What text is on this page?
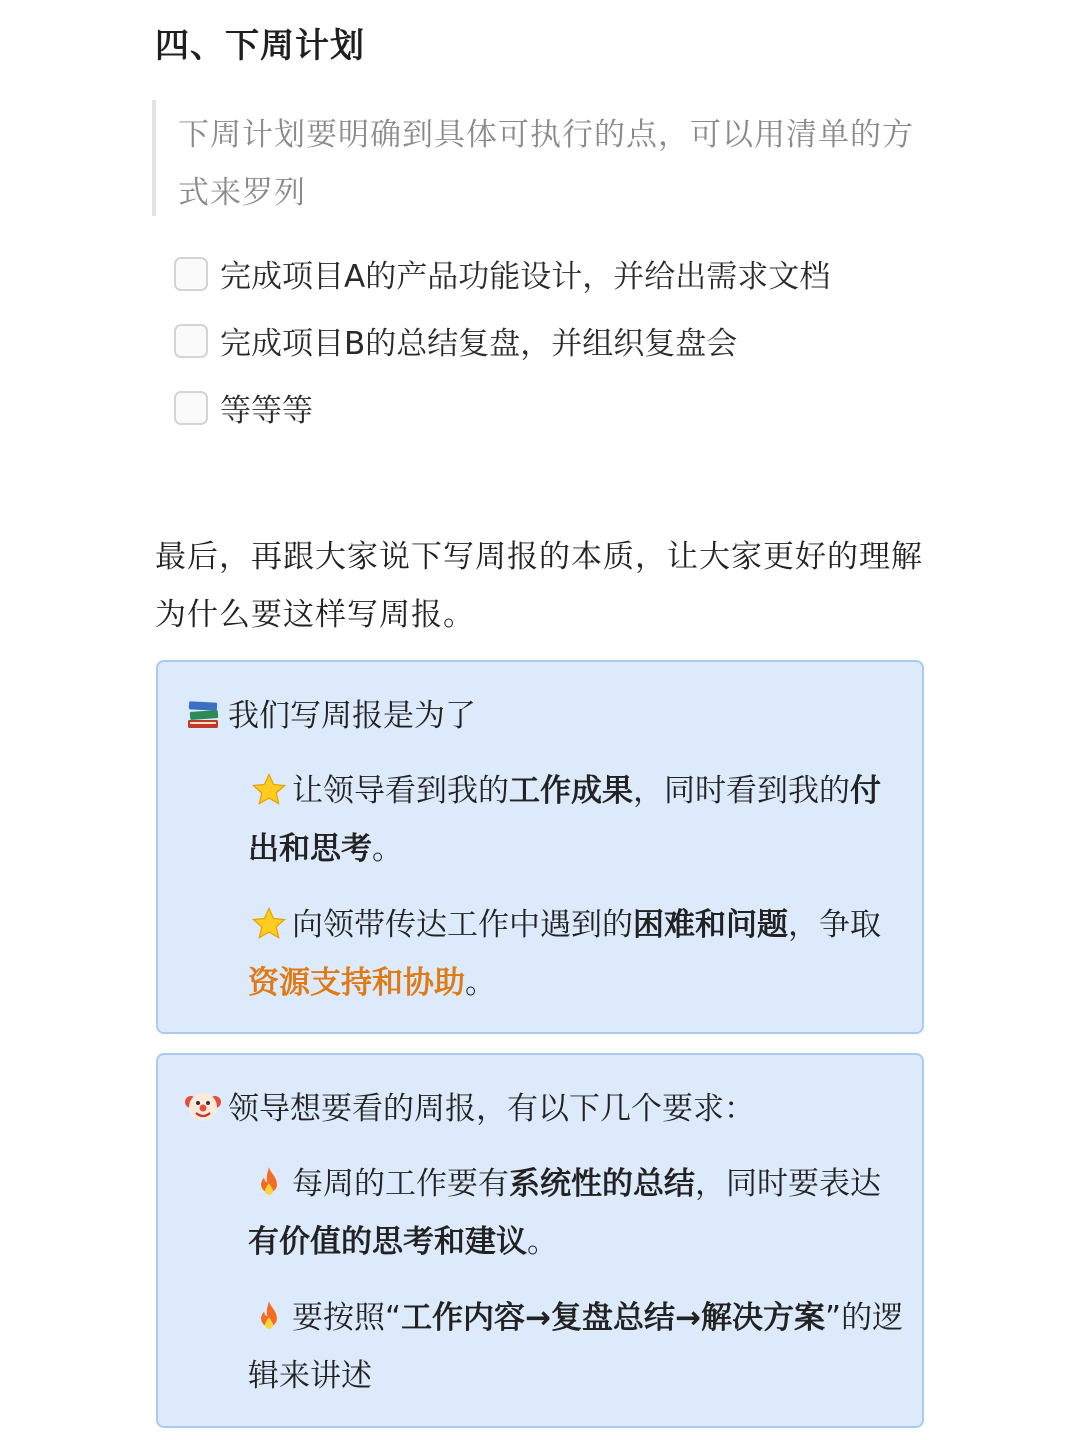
四、下周计划
下周计划要明确到具体可执行的点，可以用清单的方式来罗列
完成项目A的产品功能设计，并给出需求文档
完成项目B的总结复盘，并组织复盘会
等等等
最后，再跟大家说下写周报的本质，让大家更好的理解为什么要这样写周报。
我们写周报是为了
让领导看到我的工作成果，同时看到我的付出和思考。
向领带传达工作中遇到的困难和问题，争取资源支持和协助。
领导想要看的周报，有以下几个要求：
每周的工作要有系统性的总结，同时要表达有价值的思考和建议。
要按照“工作内容→复盘总结→解决方案”的逻辑来讲述
